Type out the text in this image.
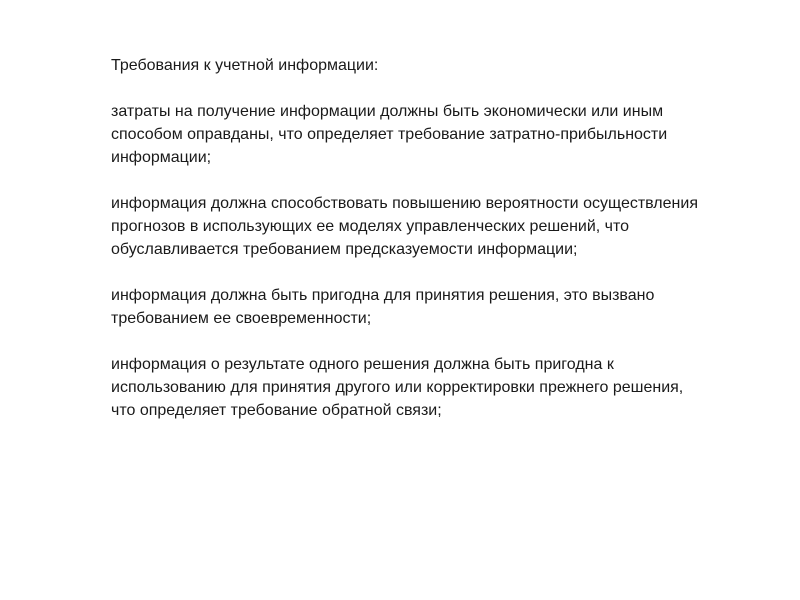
Требования к учетной информации:

затраты на получение информации должны быть экономически или иным способом оправданы, что определяет требование затратно-прибыльности информации;

информация должна способствовать повышению вероятности осуществления прогнозов в использующих ее моделях управленческих решений, что обуславливается требованием предсказуемости информации;

информация должна быть пригодна для принятия решения, это вызвано требованием ее своевременности;

информация о результате одного решения должна быть пригодна к использованию для принятия другого или корректировки прежнего решения, что определяет требование обратной связи;
